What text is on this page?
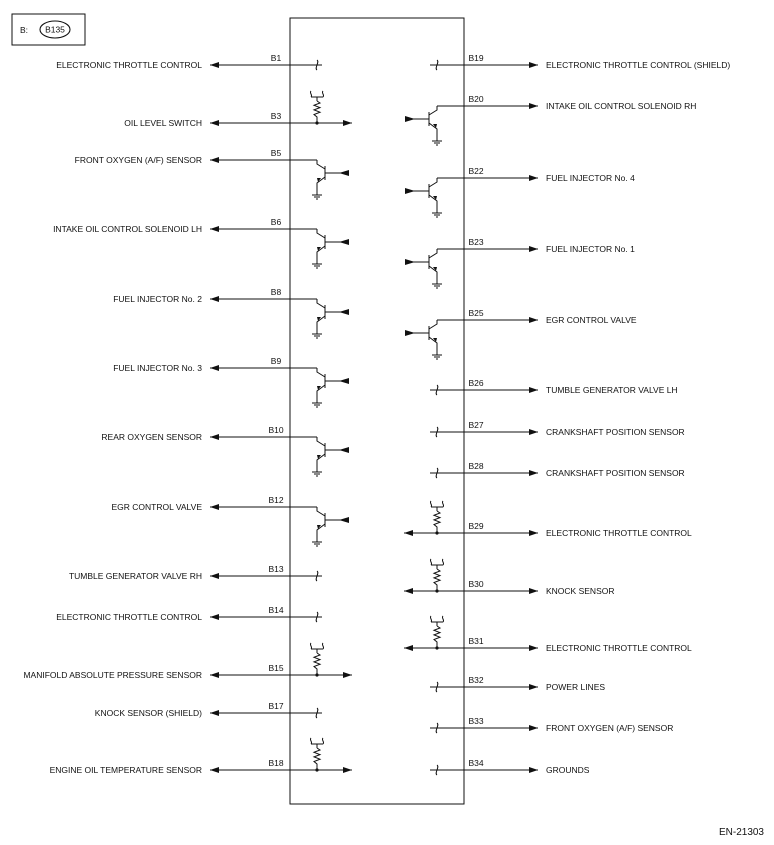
B: B135
B1
ELECTRONIC THROTTLE CONTROL
B3
OIL LEVEL SWITCH
B5
FRONT OXYGEN (A/F) SENSOR
B6
INTAKE OIL CONTROL SOLENOID LH
B8
FUEL INJECTOR No. 2
B9
FUEL INJECTOR No. 3
B10
REAR OXYGEN SENSOR
B12
EGR CONTROL VALVE
B13
TUMBLE GENERATOR VALVE RH
B14
ELECTRONIC THROTTLE CONTROL
B15
MANIFOLD ABSOLUTE PRESSURE SENSOR
B17
KNOCK SENSOR (SHIELD)
B18
ENGINE OIL TEMPERATURE SENSOR
B19
ELECTRONIC THROTTLE CONTROL (SHIELD)
B20
INTAKE OIL CONTROL SOLENOID RH
B22
FUEL INJECTOR No. 4
B23
FUEL INJECTOR No. 1
B25
EGR CONTROL VALVE
B26
TUMBLE GENERATOR VALVE LH
B27
CRANKSHAFT POSITION SENSOR
B28
CRANKSHAFT POSITION SENSOR
B29
ELECTRONIC THROTTLE CONTROL
B30
KNOCK SENSOR
B31
ELECTRONIC THROTTLE CONTROL
B32
POWER LINES
B33
FRONT OXYGEN (A/F) SENSOR
B34
GROUNDS
EN-21303
